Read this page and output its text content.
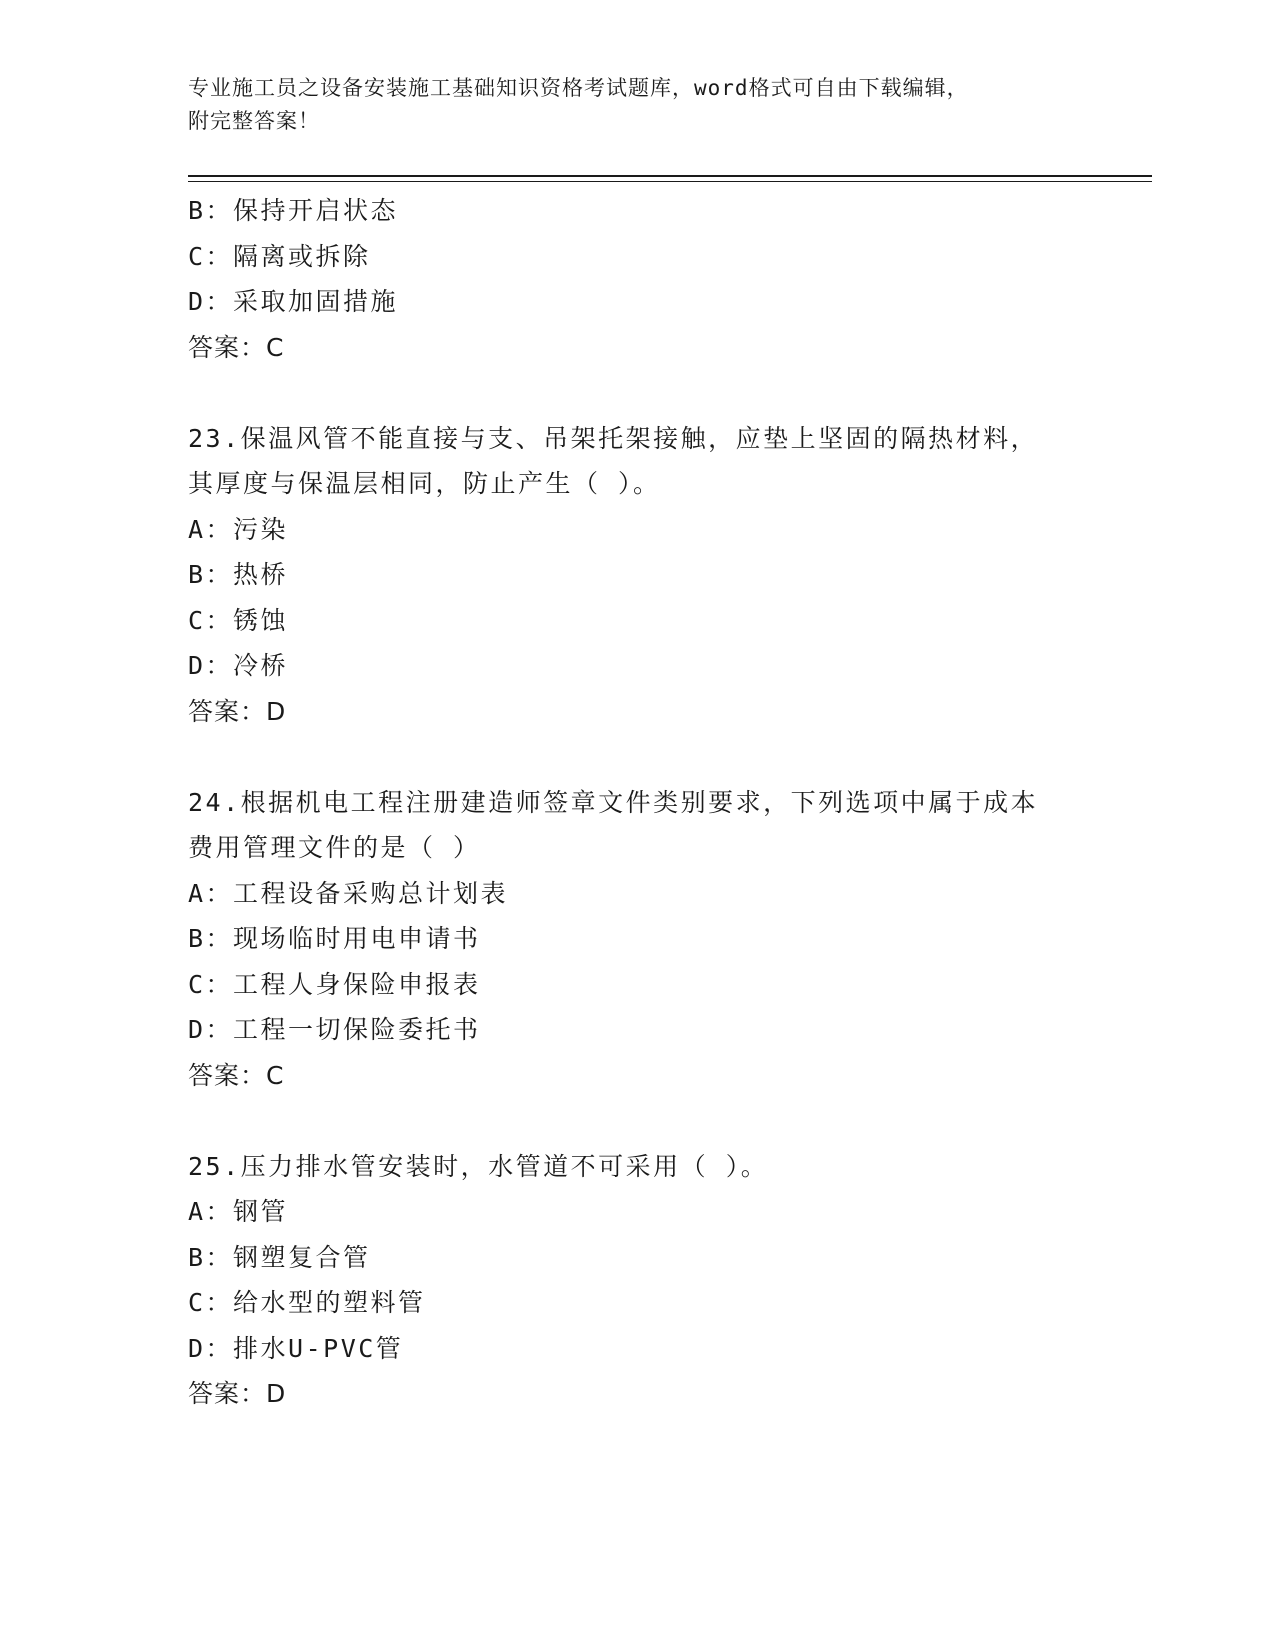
专业施工员之设备安装施工基础知识资格考试题库，word格式可自由下载编辑，
附完整答案！
B：保持开启状态
C：隔离或拆除
D：采取加固措施
答案：C
23.保温风管不能直接与支、吊架托架接触，应垫上坚固的隔热材料，
其厚度与保温层相同，防止产生（ ）。
A：污染
B：热桥
C：锈蚀
D：冷桥
答案：D
24.根据机电工程注册建造师签章文件类别要求，下列选项中属于成本
费用管理文件的是（ ）
A：工程设备采购总计划表
B：现场临时用电申请书
C：工程人身保险申报表
D：工程一切保险委托书
答案：C
25.压力排水管安装时，水管道不可采用（ ）。
A：钢管
B：钢塑复合管
C：给水型的塑料管
D：排水U-PVC管
答案：D
